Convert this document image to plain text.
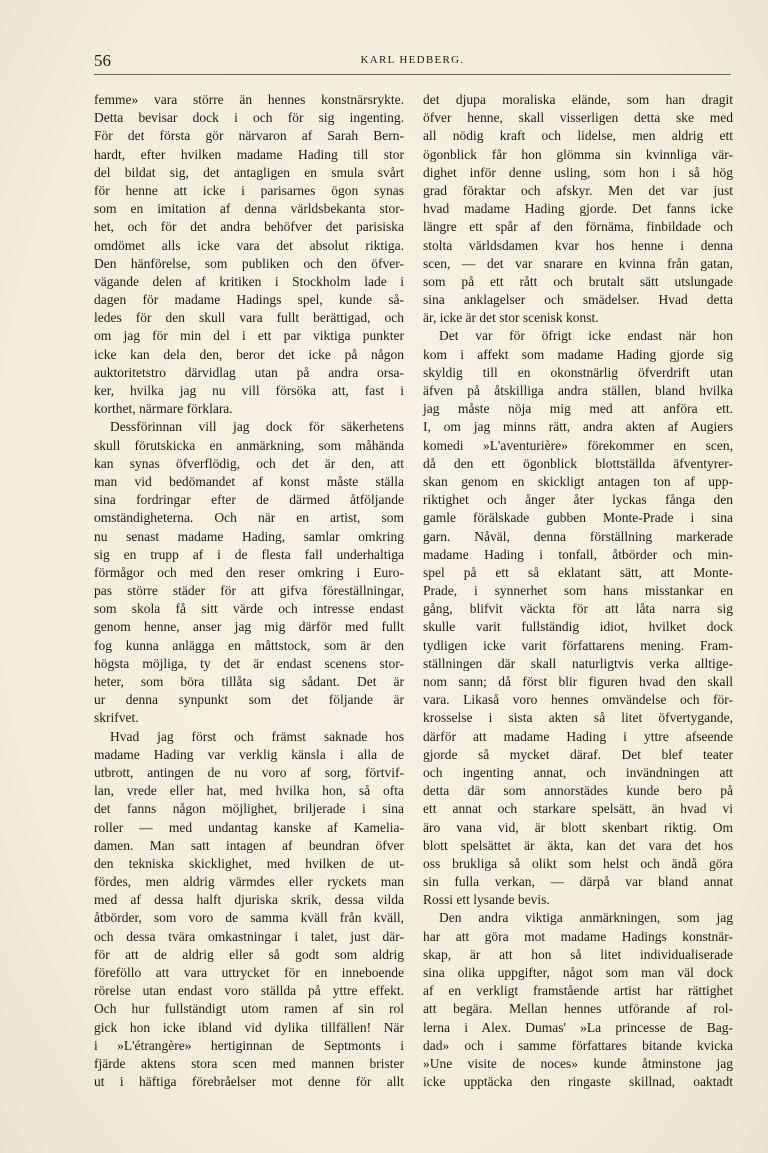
56	KARL HEDBERG.
femme» vara större än hennes konstnärsrykte.
Detta bevisar dock i och för sig ingenting.
För det första gör närvaron af Sarah Bern-
hardt, efter hvilken madame Hading till stor
del bildat sig, det antagligen en smula svårt
för henne att icke i parisarnes ögon synas
som en imitation af denna världsbekanta stor-
het, och för det andra behöfver det parisiska
omdömet alls icke vara det absolut riktiga.
Den hänförelse, som publiken och den öfver-
vägande delen af kritiken i Stockholm lade i
dagen för madame Hadings spel, kunde så-
ledes för den skull vara fullt berättigad, och
om jag för min del i ett par viktiga punkter
icke kan dela den, beror det icke på någon
auktoritetstro därvidlag utan på andra orsa-
ker, hvilka jag nu vill försöka att, fast i
korthet, närmare förklara.
Dessförinnan vill jag dock för säkerhetens
skull förutskicka en anmärkning, som måhända
kan synas öfverflödig, och det är den, att
man vid bedömandet af konst måste ställa
sina fordringar efter de därmed åtföljande
omständigheterna. Och när en artist, som
nu senast madame Hading, samlar omkring
sig en trupp af i de flesta fall underhaltiga
förmågor och med den reser omkring i Euro-
pas större städer för att gifva föreställningar,
som skola få sitt värde och intresse endast
genom henne, anser jag mig därför med fullt
fog kunna anlägga en måttstock, som är den
högsta möjliga, ty det är endast scenens stor-
heter, som böra tillåta sig sådant. Det är
ur denna synpunkt som det följande är
skrifvet.
Hvad jag först och främst saknade hos
madame Hading var verklig känsla i alla de
utbrott, antingen de nu voro af sorg, förtvif-
lan, vrede eller hat, med hvilka hon, så ofta
det fanns någon möjlighet, briljerade i sina
roller — med undantag kanske af Kamelia-
damen. Man satt intagen af beundran öfver
den tekniska skicklighet, med hvilken de ut-
fördes, men aldrig värmdes eller ryckets man
med af dessa halft djuriska skrik, dessa vilda
åtbörder, som voro de samma kväll från kväll,
och dessa tvära omkastningar i talet, just där-
för att de aldrig eller så godt som aldrig
föreföllo att vara uttrycket för en inneboende
rörelse utan endast voro ställda på yttre effekt.
Och hur fullständigt utom ramen af sin rol
gick hon icke ibland vid dylika tillfällen! När
i »L'étrangère» hertiginnan de Septmonts i
fjärde aktens stora scen med mannen brister
ut i häftiga förebråelser mot denne för allt
det djupa moraliska elände, som han dragit
öfver henne, skall visserligen detta ske med
all nödig kraft och lidelse, men aldrig ett
ögonblick får hon glömma sin kvinnliga vär-
dighet inför denne usling, som hon i så hög
grad föraktar och afskyr. Men det var just
hvad madame Hading gjorde. Det fanns icke
längre ett spår af den förnäma, finbildade och
stolta världsdamen kvar hos henne i denna
scen, — det var snarare en kvinna från gatan,
som på ett rått och brutalt sätt utslungade
sina anklagelser och smädelser. Hvad detta
är, icke är det stor scenisk konst.
Det var för öfrigt icke endast när hon
kom i affekt som madame Hading gjorde sig
skyldig till en okonstnärlig öfverdrift utan
äfven på åtskilliga andra ställen, bland hvilka
jag måste nöja mig med att anföra ett.
I, om jag minns rätt, andra akten af Augiers
komedi »L'aventurière» förekommer en scen,
då den ett ögonblick blottställda äfventyrer-
skan genom en skickligt antagen ton af upp-
riktighet och ånger åter lyckas fånga den
gamle förälskade gubben Monte-Prade i sina
garn. Nåväl, denna förställning markerade
madame Hading i tonfall, åtbörder och min-
spel på ett så eklatant sätt, att Monte-
Prade, i synnerhet som hans misstankar en
gång, blifvit väckta för att låta narra sig
skulle varit fullständig idiot, hvilket dock
tydligen icke varit författarens mening. Fram-
ställningen där skall naturligtvis verka alltige-
nom sann; då först blir figuren hvad den skall
vara. Likaså voro hennes omvändelse och för-
krosselse i sista akten så litet öfvertygande,
därför att madame Hading i yttre afseende
gjorde så mycket däraf. Det blef teater
och ingenting annat, och invändningen att
detta där som annorstädes kunde bero på
ett annat och starkare spelsätt, än hvad vi
äro vana vid, är blott skenbart riktig. Om
blott spelsättet är äkta, kan det vara det hos
oss brukliga så olikt som helst och ändå göra
sin fulla verkan, — därpå var bland annat
Rossi ett lysande bevis.
Den andra viktiga anmärkningen, som jag
har att göra mot madame Hadings konstnär-
skap, är att hon så litet individualiserade
sina olika uppgifter, något som man väl dock
af en verkligt framstående artist har rättighet
att begära. Mellan hennes utförande af rol-
lerna i Alex. Dumas' »La princesse de Bag-
dad» och i samme författares bitande kvicka
»Une visite de noces» kunde åtminstone jag
icke upptäcka den ringaste skillnad, oaktadt
